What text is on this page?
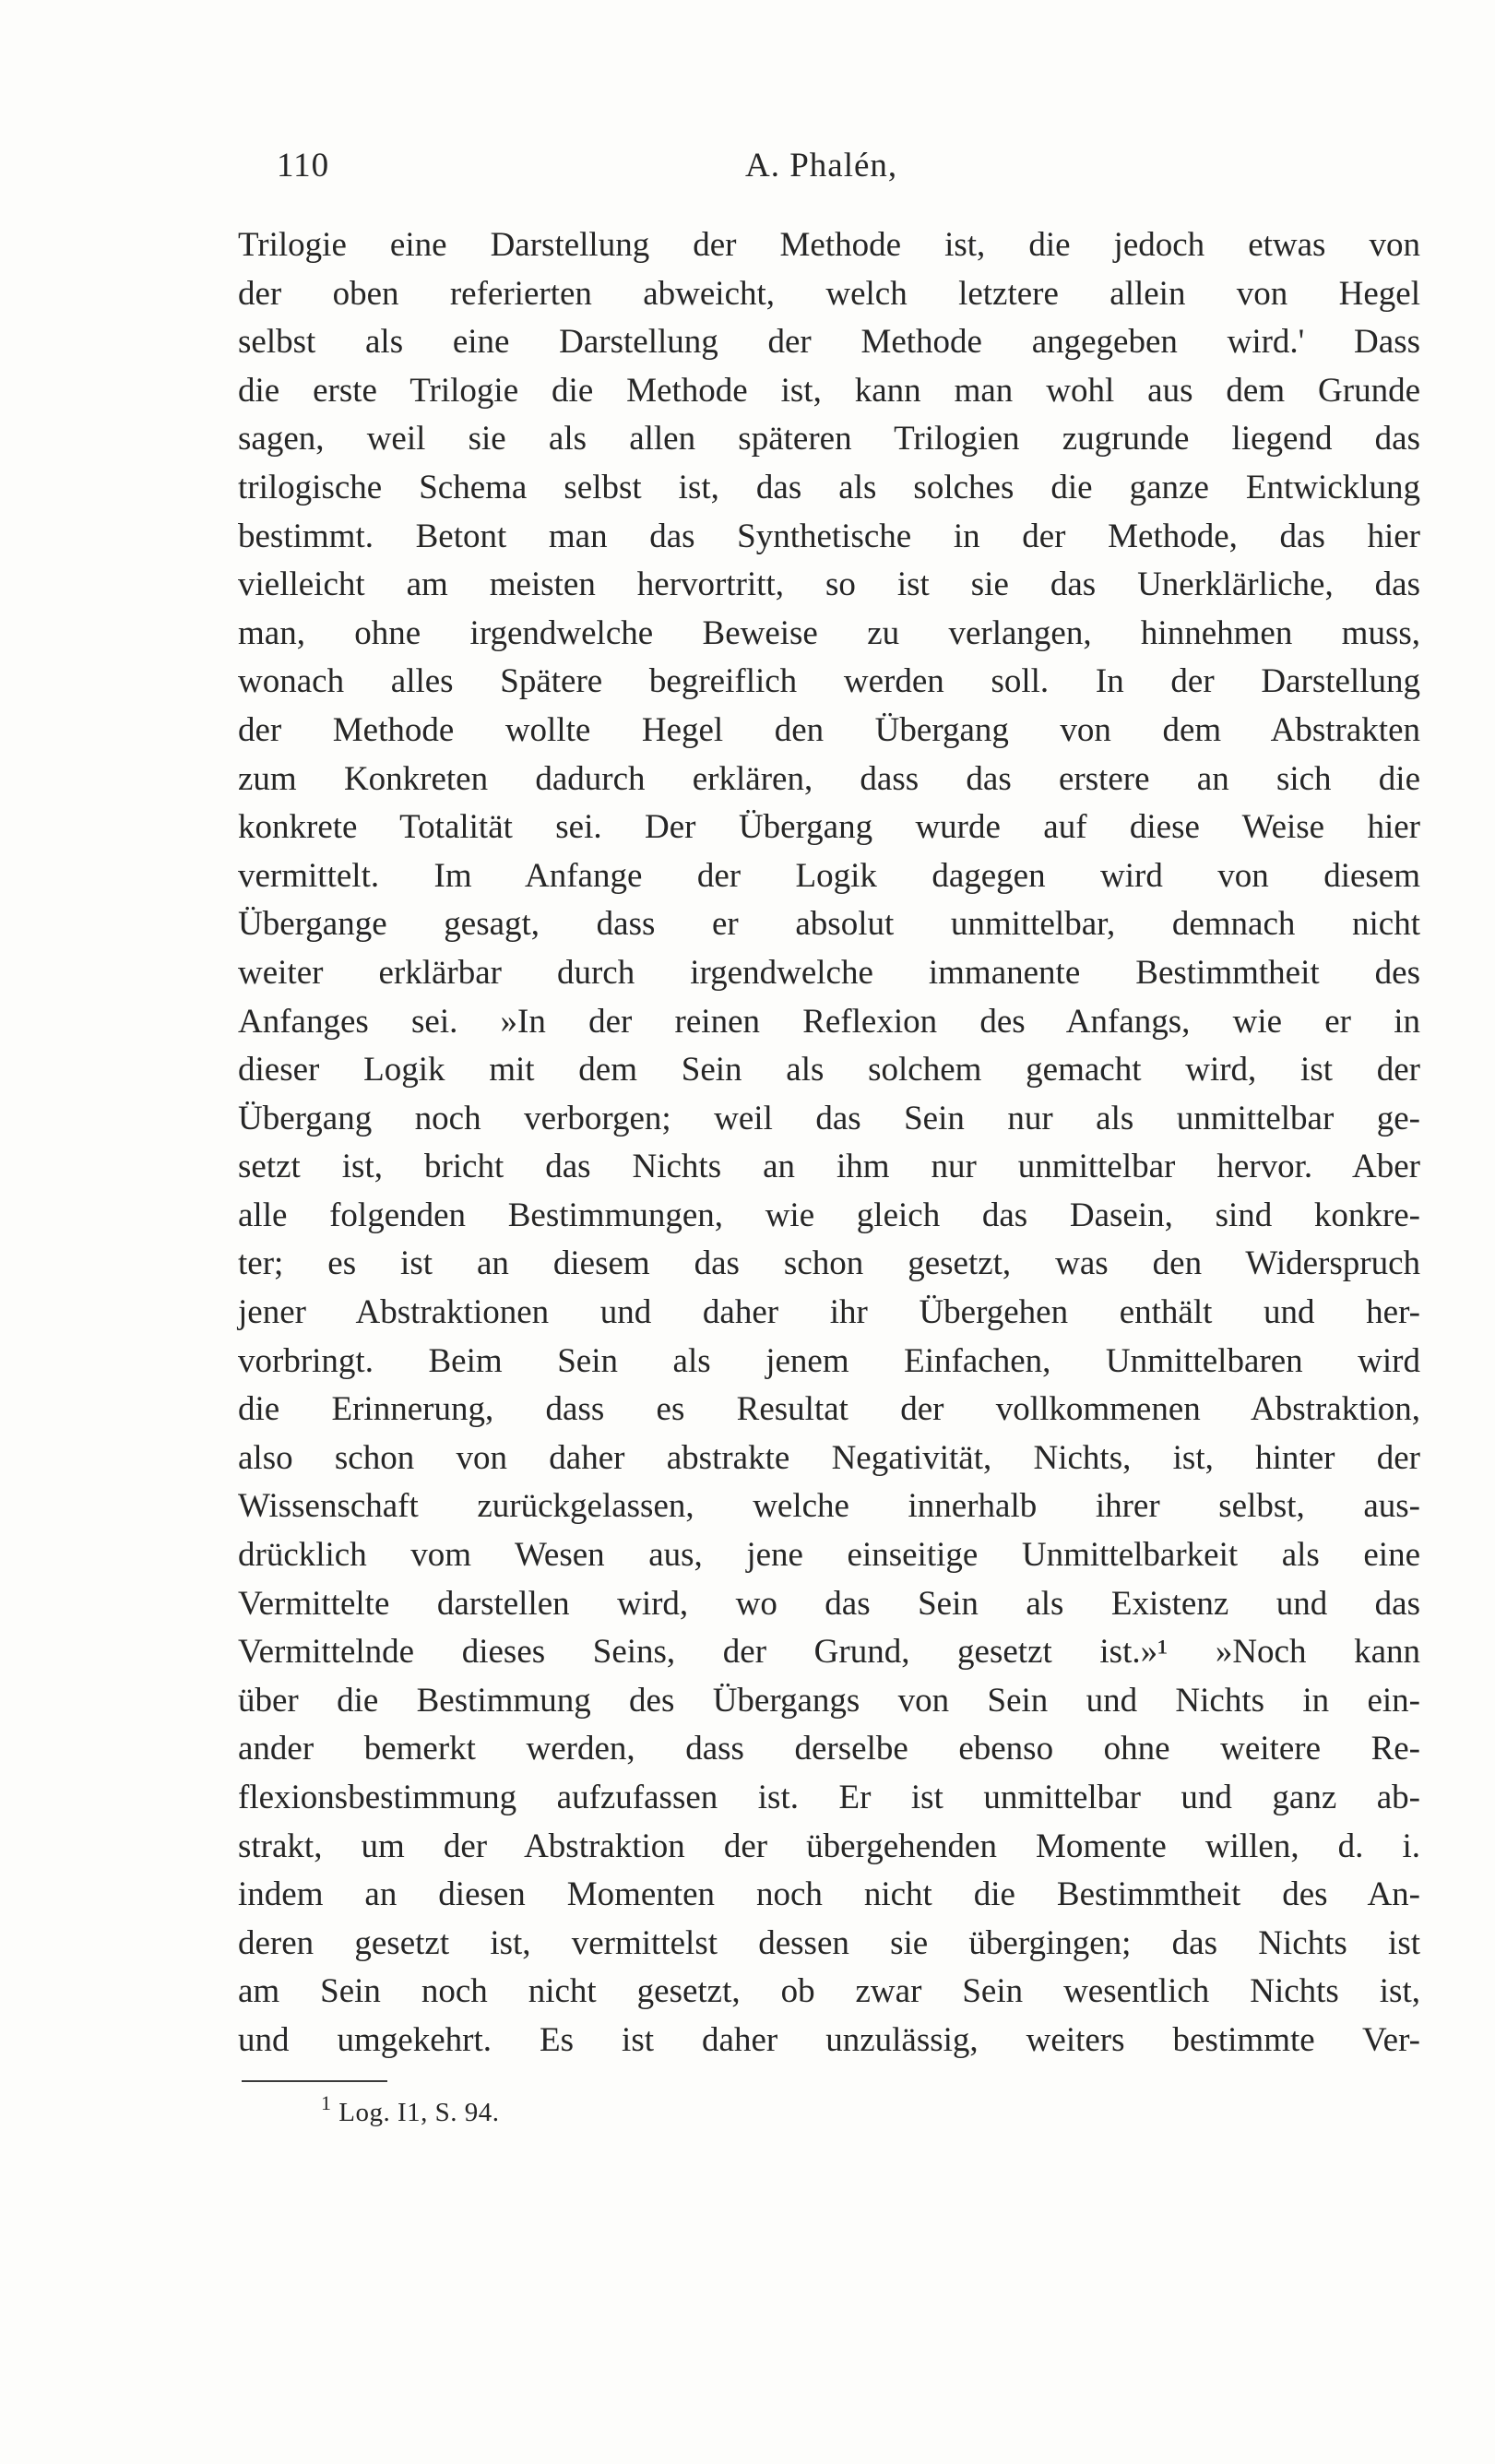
110	A. Phalén,
Trilogie eine Darstellung der Methode ist, die jedoch etwas von
der oben referierten abweicht, welch letztere allein von Hegel
selbst als eine Darstellung der Methode angegeben wird.' Dass
die erste Trilogie die Methode ist, kann man wohl aus dem Grunde
sagen, weil sie als allen späteren Trilogien zugrunde liegend das
trilogische Schema selbst ist, das als solches die ganze Entwicklung
bestimmt. Betont man das Synthetische in der Methode, das hier
vielleicht am meisten hervortritt, so ist sie das Unerklärliche, das
man, ohne irgendwelche Beweise zu verlangen, hinnehmen muss,
wonach alles Spätere begreiflich werden soll. In der Darstellung
der Methode wollte Hegel den Übergang von dem Abstrakten
zum Konkreten dadurch erklären, dass das erstere an sich die
konkrete Totalität sei. Der Übergang wurde auf diese Weise hier
vermittelt. Im Anfange der Logik dagegen wird von diesem
Übergange gesagt, dass er absolut unmittelbar, demnach nicht
weiter erklärbar durch irgendwelche immanente Bestimmtheit des
Anfanges sei. »In der reinen Reflexion des Anfangs, wie er in
dieser Logik mit dem Sein als solchem gemacht wird, ist der
Übergang noch verborgen; weil das Sein nur als unmittelbar ge-
setzt ist, bricht das Nichts an ihm nur unmittelbar hervor. Aber
alle folgenden Bestimmungen, wie gleich das Dasein, sind konkre-
ter; es ist an diesem das schon gesetzt, was den Widerspruch
jener Abstraktionen und daher ihr Übergehen enthält und her-
vorbringt. Beim Sein als jenem Einfachen, Unmittelbaren wird
die Erinnerung, dass es Resultat der vollkommenen Abstraktion,
also schon von daher abstrakte Negativität, Nichts, ist, hinter der
Wissenschaft zurückgelassen, welche innerhalb ihrer selbst, aus-
drücklich vom Wesen aus, jene einseitige Unmittelbarkeit als eine
Vermittelte darstellen wird, wo das Sein als Existenz und das
Vermittelnde dieses Seins, der Grund, gesetzt ist.»¹ »Noch kann
über die Bestimmung des Übergangs von Sein und Nichts in ein-
ander bemerkt werden, dass derselbe ebenso ohne weitere Re-
flexionsbestimmung aufzufassen ist. Er ist unmittelbar und ganz ab-
strakt, um der Abstraktion der übergehenden Momente willen, d. i.
indem an diesen Momenten noch nicht die Bestimmtheit des An-
deren gesetzt ist, vermittelst dessen sie übergingen; das Nichts ist
am Sein noch nicht gesetzt, ob zwar Sein wesentlich Nichts ist,
und umgekehrt. Es ist daher unzulässig, weiters bestimmte Ver-
$^1$ Log. I1, S. 94.
